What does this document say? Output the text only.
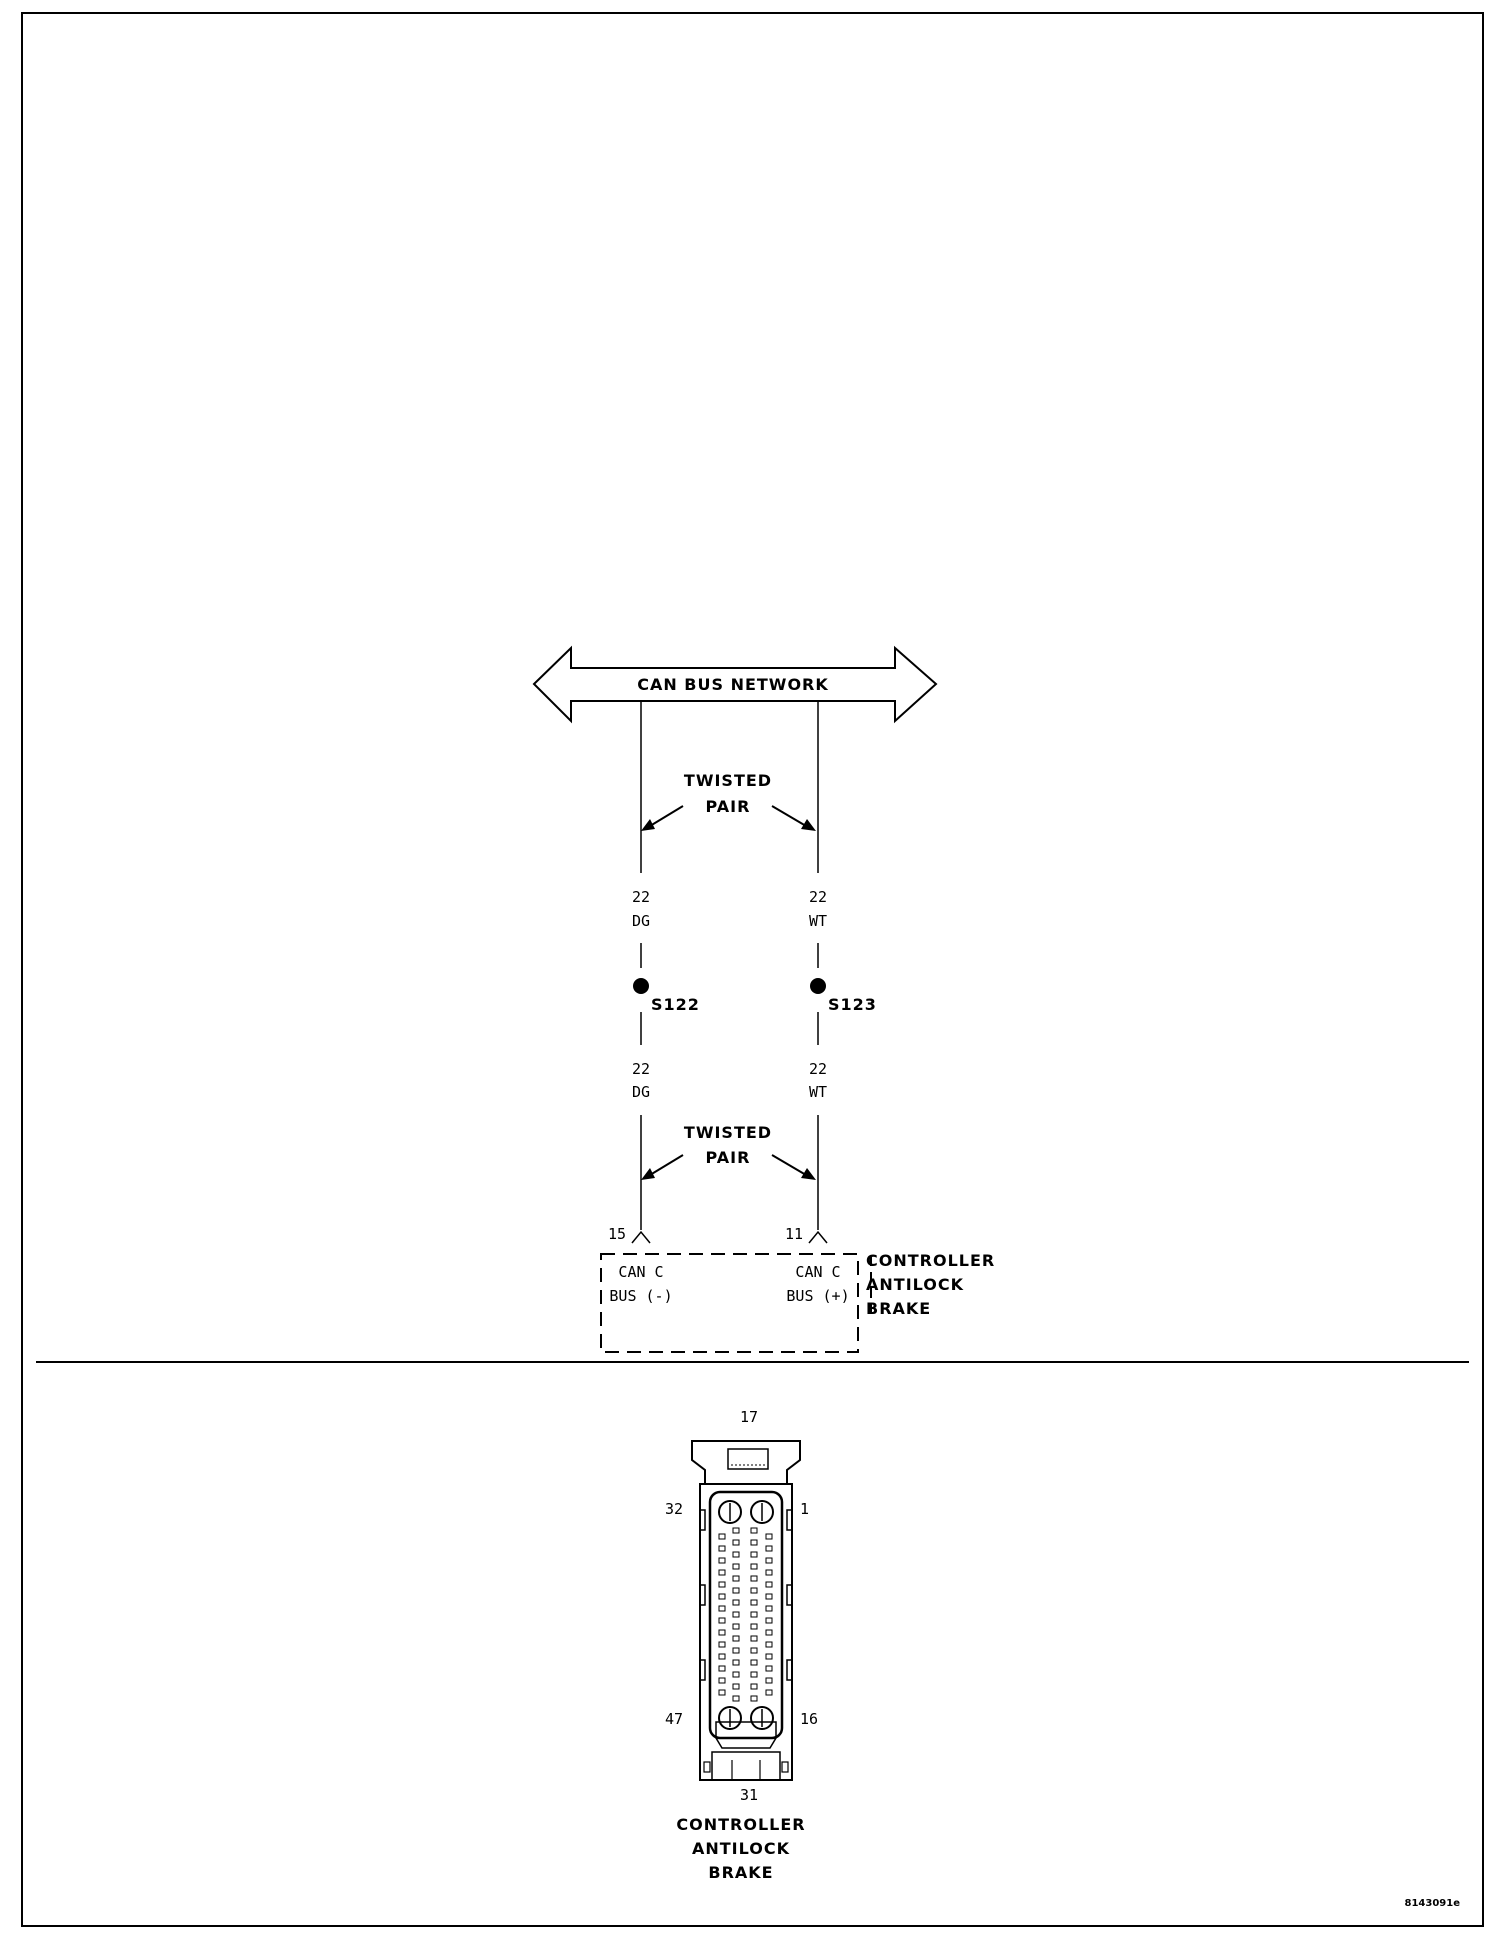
CAN BUS NETWORK
TWISTED
PAIR
22
DG
22
WT
S122	S123
22
DG
22
WT
TWISTED
PAIR
15	11
CAN C
BUS (-)
CAN C
BUS (+)
CONTROLLER
ANTILOCK
BRAKE
17
32	1
47	16
31
CONTROLLER
ANTILOCK
BRAKE
8143091e
